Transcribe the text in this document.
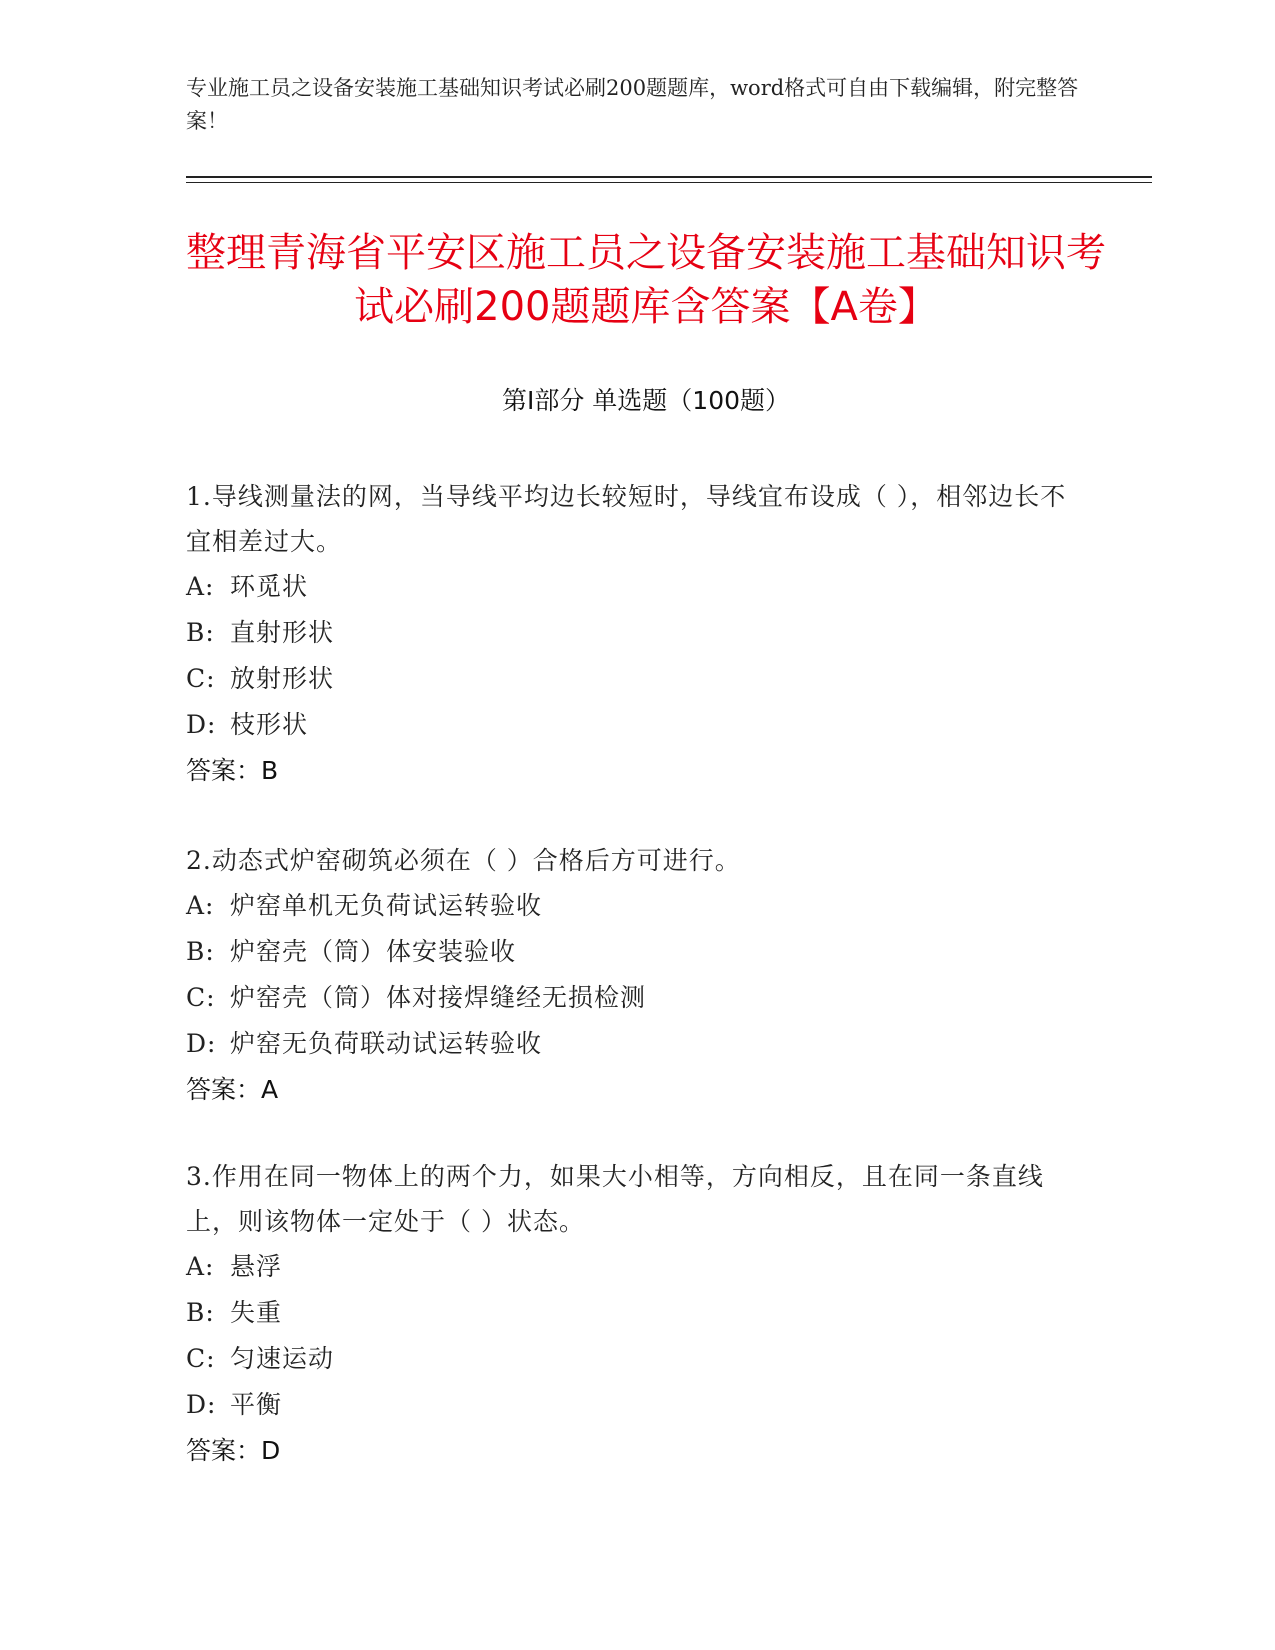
专业施工员之设备安装施工基础知识考试必刷200题题库，word格式可自由下载编辑，附完整答案！
整理青海省平安区施工员之设备安装施工基础知识考试必刷200题题库含答案【A卷】
第I部分 单选题（100题）
1.导线测量法的网，当导线平均边长较短时，导线宜布设成（ ），相邻边长不宜相差过大。
A: 环觅状
B: 直射形状
C: 放射形状
D: 枝形状
答案：B
2.动态式炉窑砌筑必须在（ ）合格后方可进行。
A: 炉窑单机无负荷试运转验收
B: 炉窑壳（筒）体安装验收
C: 炉窑壳（筒）体对接焊缝经无损检测
D: 炉窑无负荷联动试运转验收
答案：A
3.作用在同一物体上的两个力，如果大小相等，方向相反，且在同一条直线上，则该物体一定处于（ ）状态。
A: 悬浮
B: 失重
C: 匀速运动
D: 平衡
答案：D
